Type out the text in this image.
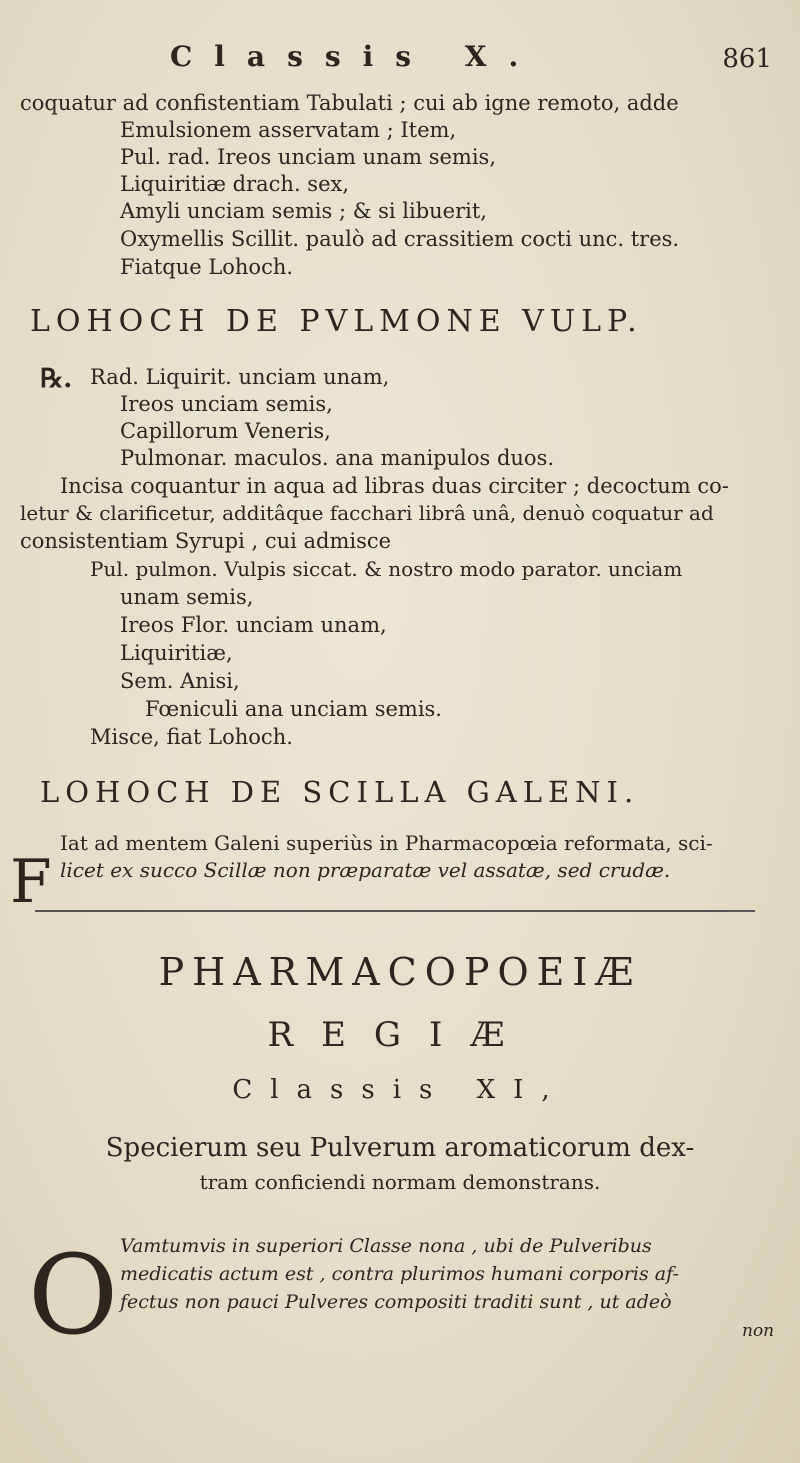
Classis X.	861
coquatur ad confistentiam Tabulati ; cui ab igne remoto, adde
Emulsionem asservatam ; Item,
Pul. rad. Ireos unciam unam semis,
Liquiritiæ drach. sex,
Amyli unciam semis ; & si libuerit,
Oxymellis Scillit. paulò ad crassitiem cocti unc. tres.
Fiatque Lohoch.
LOHOCH DE PVLMONE VULP.
℞. Rad. Liquirit. unciam unam,
Ireos unciam semis,
Capillorum Veneris,
Pulmonar. maculos. ana manipulos duos.
Incisa coquantur in aqua ad libras duas circiter ; decoctum co-
letur & clarificetur, additâque facchari librâ unâ, denuò coquatur ad
consistentiam Syrupi , cui admisce
Pul. pulmon. Vulpis siccat. & nostro modo parator. unciam
unam semis,
Ireos Flor. unciam unam,
Liquiritiæ,
Sem. Anisi,
Fœniculi ana unciam semis.
Misce, fiat Lohoch.
LOHOCH DE SCILLA GALENI.
F
Iat ad mentem Galeni superiùs in Pharmacopœia reformata, sci-
licet ex succo Scillæ non præparatæ vel assatæ, sed crudæ.
PHARMACOPOEIÆ
REGIÆ
Classis XI,
Specierum seu Pulverum aromaticorum dex-
tram conficiendi normam demonstrans.
O Vamtumvis in superiori Classe nona , ubi de Pulveribus
medicatis actum est , contra plurimos humani corporis af-
fectus non pauci Pulveres compositi traditi sunt , ut adeò
non
